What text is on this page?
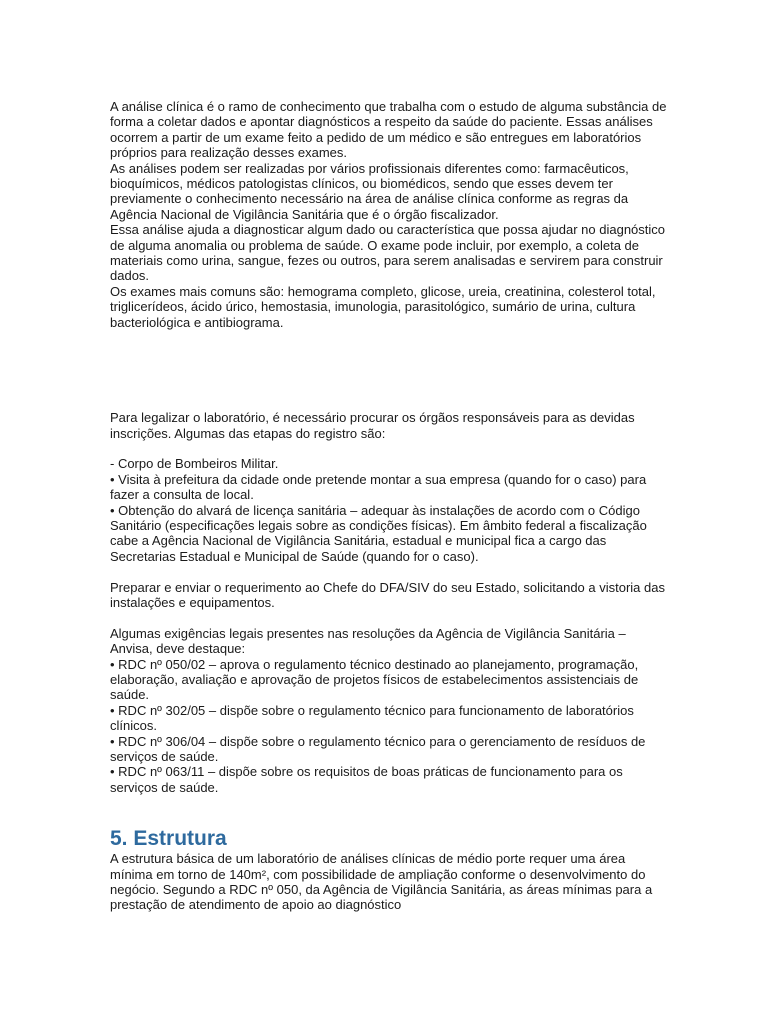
A análise clínica é o ramo de conhecimento que trabalha com o estudo de alguma substância de forma a coletar dados e apontar diagnósticos a respeito da saúde do paciente. Essas análises ocorrem a partir de um exame feito a pedido de um médico e são entregues em laboratórios próprios para realização desses exames.

As análises podem ser realizadas por vários profissionais diferentes como: farmacêuticos, bioquímicos, médicos patologistas clínicos, ou biomédicos, sendo que esses devem ter previamente o conhecimento necessário na área de análise clínica conforme as regras da Agência Nacional de Vigilância Sanitária que é o órgão fiscalizador.

Essa análise ajuda a diagnosticar algum dado ou característica que possa ajudar no diagnóstico de alguma anomalia ou problema de saúde. O exame pode incluir, por exemplo, a coleta de materiais como urina, sangue, fezes ou outros, para serem analisadas e servirem para construir dados.

Os exames mais comuns são: hemograma completo, glicose, ureia, creatinina, colesterol total, triglicerídeos, ácido úrico, hemostasia, imunologia, parasitológico, sumário de urina, cultura bacteriológica e antibiograma.

Para legalizar o laboratório, é necessário procurar os órgãos responsáveis para as devidas inscrições. Algumas das etapas do registro são:

- Corpo de Bombeiros Militar.

• Visita à prefeitura da cidade onde pretende montar a sua empresa (quando for o caso) para fazer a consulta de local.

• Obtenção do alvará de licença sanitária – adequar às instalações de acordo com o Código Sanitário (especificações legais sobre as condições físicas). Em âmbito federal a fiscalização cabe a Agência Nacional de Vigilância Sanitária, estadual e municipal fica a cargo das Secretarias Estadual e Municipal de Saúde (quando for o caso).

Preparar e enviar o requerimento ao Chefe do DFA/SIV do seu Estado, solicitando a vistoria das instalações e equipamentos.

Algumas exigências legais presentes nas resoluções da Agência de Vigilância Sanitária – Anvisa, deve destaque:

• RDC nº 050/02 – aprova o regulamento técnico destinado ao planejamento, programação, elaboração, avaliação e aprovação de projetos físicos de estabelecimentos assistenciais de saúde.

• RDC nº 302/05 – dispõe sobre o regulamento técnico para funcionamento de laboratórios clínicos.

• RDC nº 306/04 – dispõe sobre o regulamento técnico para o gerenciamento de resíduos de serviços de saúde.

• RDC nº 063/11 – dispõe sobre os requisitos de boas práticas de funcionamento para os serviços de saúde.

5. Estrutura

A estrutura básica de um laboratório de análises clínicas de médio porte requer uma área mínima em torno de 140m², com possibilidade de ampliação conforme o desenvolvimento do negócio. Segundo a RDC nº 050, da Agência de Vigilância Sanitária, as áreas mínimas para a prestação de atendimento de apoio ao diagnóstico
